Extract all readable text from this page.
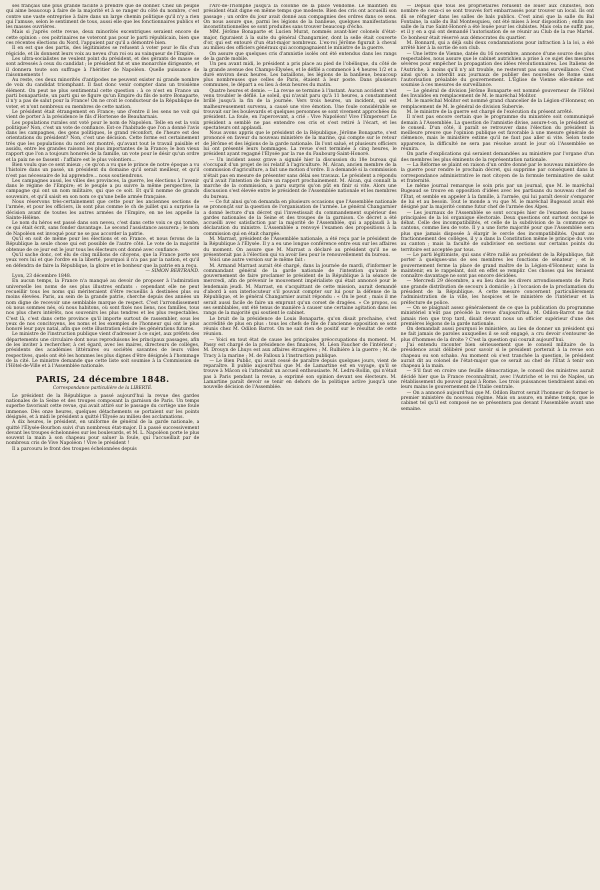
ses français une plus grande facilité à prendre que de donner. Chez un peuple qui aime beaucoup à faire de la majorité et à se ranger du côté du nombre, c'est contre une vaste entreprise à faire dans un large chemin politique qu'il n'y a rien qui l'amuse, selon le sentiment de tous, aussi elle que les fonctionnaires publics et les masses ouvrières.

Mais si j'après cette revue, deux minorités excentriques seraient encore de cette opinion : ces poitrinaires ne voteront pas pour le parti républicain, bien que ces récentes élections du Nord, l'appuient par qu'il a démontré bien.

Il en est que des partis, des légitimistes se refusent à voter pour le fils d'un régicide, et ils donnent leurs voix au neveu d'un roi ou au vainqueur de l'Empire.

Les ultra-socialistes ne veulent point du président, et des gérants de masse se sont adressés à ceux du candidat ; le président fut et une monarchie dirigeante, et il donnera toute son suffrage à l'héritier de Napoléon. Quelle puissance de raisonnements !

Au reste, ces deux minorités d'antipodes ne peuvent exister ni grande nombre de voix du candidat triomphant. Il faut donc venir compter dans un troisième élément. On peut ne plus sentimental cette question : à ce n'est en France un parti bonapartiste, un parti qui se figure qu'un Empire du fils de notre Bonaparte, il n'y a pas de salut pour la France! On ne croit le conducteur de la République de voter, et n'ont nombreux ou membres de cette nation.

Le président était étrangement en France; une d'entre il les sens ne voit qui vient de porter à la présidence le fils d'Hortense de Beauharnais.

Les populations rurales ont voté pour le nom de Napoléon. Telle en est la voix politique? Non, c'est un vote de confiance. Est-ce l'habitude que l'on a donné l'avis dans les campagnes, des gens politiques, le grand réconfort, de l'heure est des orientations du président? Non, c'est une décision. Cette forme est certainement très que les populations du nord ont montré, qu'avant tout le travail paisible et assidu, entre les grandes raisons les plus importantes de la France; le bon vieux rapport que l'on a toujours honorés de la famille, un vote pour le désir qu'un ordre et la paix ne se fassent : l'affaire est le plus volontiers...

Bien voulu que ce sent mieux ; ce qu'on a vu que le prince de notre époque a vu l'histoire dans un passé, un président du domaine qu'il serait meilleur, et qu'il n'est pas nécessaire de lui apprendre... nous soutiendrons.

Les campagnes aussi, les villes des provinces, la guerre, les élections à l'avenir dans le régime de l'Empire; et le peuple a pu suivre la même perspective, la campagne qui ont un nom militaire, qui que ce soit. Et qu'il nomme de grands souvenirs, et qu'il saisit en son nom ce qu'une belle armée française.

Nous réservons très-certainement que cette pour les anciennes sections de l'armée, et pour les officiers, ils sont plus comme le ch de juillet qui a surprise la décision avant de toutes les autres armées de l'Empire, en ne les appelle la Sainte-Hélène.

Le nom du héros est passé dans son neveu, c'est dans cette voix ce qui tombe, ce qui était écrit, sans fonder davantage. Le second l'assistance assurera ; le nom de Napoléon est invoqué pour ne se pas accorder la patrie.

Qu'il en soit de même pour les élections et en France, et nous ferons de la République la seule chose qui est possible de l'autre côté. Le vote de la majorité obtenue de ce jour est le jour tous les électeurs ont donné avec confiance.

Qu'il sache donc, cet élu de cinq millions de citoyens, que la France porte ses yeux vers lui et que l'ordre en la liberté, pourquoi il n'a pas par la nation, et qu'il en défendra de faire la République, la gloire et le bonheur que la patrie en a reçu.

— SIMON BERTRAND.

Lyon, 23 décembre 1848.

En aucun temps, la France n'a manqué au devoir de proposer à l'admiration universelle les noms de ses plus illustres enfants : cependant elle ne peut recueillir tous les noms qui mériteraient d'être recueillis à destinées plus ou moins élevées. Paris, au sein de la grande patrie, cherche depuis des années un nom digne de recevoir une semblable marque de respect. C'est l'arrondissement où nous sommes nés, où nous habitons, où sont fixés nos liens, nos familles, tous nos plus chers intérêts, nos souvenirs les plus tendres et les plus respectables. C'est là, c'est dans cette province qu'il importe surtout de rassembler, sous les yeux de nos concitoyens, les noms et les exemples de l'honneur qui ont le plus honoré leur pays natal, afin que cette illustration éclaire les générations futures.

Le ministre de l'instruction publique vient d'adresser à ce sujet, aux préfets des départements une circulaire dont nous reproduisons les principaux passages, afin de les inviter à rechercher, à cet égard, avec les maires, directeurs de collèges, présidents des académies littéraires ou sociétés savantes de leurs villes respectives, quels ont été les hommes les plus dignes d'être désignés à l'hommage de la cité. Le ministre demande que cette liste soit soumise à la Commission de l'Hôtel-de-Ville et à l'Assemblée nationale.

PARIS, 24 décembre 1848.
Correspondance particulière de la LIBERTÉ.

Le président de la République a passé aujourd'hui la revue des gardes nationales de la Seine et des troupes composant la garnison de Paris. Un temps superbe favorisait cette revue, qui avait attiré sur le passage du cortège une foule immense. Dès onze heures, quelques détachements se portaient sur les points désignés, et à midi le président a quitté l'Élysée au milieu des acclamations.

À dix heures, le président, en uniforme de général de la garde nationale, a quitté l'Élysée-Bourbon suivi d'un nombreux état-major. Il a passé successivement devant les troupes échelonnées sur les boulevards, et M. L. Napoléon porte le plus souvent la main à son chapeau pour saluer la foule, qui l'accueillait par de nombreux cris de Vive Napoléon ! Vive le président !

Il a parcouru le front des troupes échelonnées depuis

l'Arc-de-Triomphe jusqu'à la colonne de la place Vendôme. Le maintien du président était digne en même temps que modeste. Bien des cris ont accueilli son passage ; un ordre du jour avait donné aux compagnies des ordres dans ce sens. On nous assure que, parmi les légions de la banlieue, quelques manifestations inconstitutionnelles se sont produites sans trouver beaucoup d'écho.

MM. Jérôme Bonaparte et Lucien Murat, nommés avant-hier colonels d'état-major, figuraient à la suite du général Changarnier, dont la selle était couverte d'or, qui est entouré d'un état-major nombreux. L'ex-roi Jérôme figurait à cheval au milieu des officiers généraux qui accompagnaient le ministre de la guerre.

On assure que quelques cris d'amnistie isolés ont été entendus dans les rangs de la garde mobile.

Un peu avant midi, le président a pris place au pied de l'obélisque, du côté de la grande avenue des Champs-Élysées, et le défilé a commencé à 4 heures 1/2 et a duré environ deux heures. Les bataillons, les légions de la banlieue, beaucoup plus nombreuses que celles de Paris, étaient à leur poste. Dans plusieurs communes, le départ a eu lieu à deux heures du matin.

Quatre heures et demie. — La revue se termine à l'instant. Aucun accident n'est venu troubler le défilé. Le soleil, qui n'avait paru qu'à 11 heures, a constamment brillé jusqu'à la fin de la journée. Vers trois heures, un incident, qui est malheureusement survenu, a causé une vive émotion. Une foule considérable se trouvait sur les boulevards et quelques personnes se sont vivement approchées du président. La foule, en l'apercevant, a crié : Vive Napoléon! Vive l'Empereur! Le président a semblé ne pas entendre ces cris et s'est retiré à l'écart, et les spectateurs ont applaudi.

Nous avons appris que le président de la République, Jérôme Bonaparte, s'est prononcé en faveur du nouveau ministère de la marine, qui compte sur le retour de Jérôme et des légions de la garde nationale. Ils l'ont salué, et plusieurs officiers lui ont présenté leurs hommages. La revue s'est terminée à cinq heures, le président ayant regagné l'Élysée par la rue du Faubourg-Saint-Honoré.

— Un incident assez grave a signalé hier la discussion du 18e bureau qui s'occupait d'un projet de loi relatif à l'agriculture. M. Alcan, ancien membre de la commission d'agriculture, a fait une motion d'ordre. Il a demandé si la commission n'était pas en mesure de présenter sans délai ses travaux. Le président a répondu qu'il avait l'intention de faire un rapport prochainement. M. Alcan, qui connaît la marche de la commission, a paru surpris qu'on pût en finir si vite. Alors une discussion s'est élevée entre le président de l'Assemblée nationale et les membres du bureau.

— Ce fut ainsi qu'on demanda en plusieurs occasions que l'Assemblée nationale se prononçât sur la question de l'organisation de l'armée. Le général Changarnier a donné lecture d'un décret qui l'investissait du commandement supérieur des gardes nationales de la Seine et des troupes de la garnison. Ce décret a été accueilli avec satisfaction par la majorité de l'Assemblée, qui a applaudi à la déclaration du ministre. L'Assemblée a renvoyé l'examen des propositions à la commission qui en était chargée.

M. Marrast, président de l'Assemblée nationale, a été reçu par le président de la République à l'Élysée. Il y a eu une longue conférence entre eux sur les affaires du moment. On assure que M. Marrast a déclaré au président qu'il ne se présenterait pas à l'élection qui va avoir lieu pour le renouvellement du bureau.

Voici une autre version sur le même fait :

M. Armand Marrast aurait été chargé, dans la journée de mardi, d'informer le commandant général de la garde nationale de l'intention qu'avait le gouvernement de faire proclamer le président de la République à la séance de mercredi, afin de prévenir le mouvement impérialiste qui était annoncé pour le lendemain jeudi. M. Marrast, en s'acquittant de cette mission, aurait demandé d'abord à son interlocuteur s'il pouvait compter sur lui pour la défense de la République, et le général Changarnier aurait répondu : « On le peut ; mais il me serait aussi facile de faire un emprunt qu'un corset de dragées. » Ce propos, ou ses semblables, ont été tenus de manière à causer une certaine agitation dans les rangs de la majorité qui soutient le cabinet.

Le bruit de la présidence de Louis Bonaparte, qu'on disait prochaine, s'est accrédité de plus en plus : tous les chefs de file de l'ancienne opposition se sont réunis chez M. Odilon Barrot. On ne sait rien de positif sur le résultat de cette réunion.

— Voici en tout état de cause les principales préoccupations du moment. M. Passy est chargé de la présidence des finances, M. Léon Faucher de l'intérieur ; M. Drouyn de Lhuys est aux affaires étrangères ; M. Rulhière à la guerre ; M. de Tracy à la marine ; M. de Falloux à l'instruction publique.

— Le Bien Public, qui avait cessé de paraître depuis quelques jours, vient de reparaître. Il publie aujourd'hui que M. de Lamartine est en voyage, qu'il se trouve à Mâcon où l'attendait un accueil enthousiaste. M. Ledru-Rollin, qui n'était pas à Paris pendant la revue, a exprimé son opinion devant ses électeurs. M. Lamartine paraît devoir se tenir en dehors de la politique active jusqu'à une nouvelle décision de l'Assemblée.

— Depuis que tous les propriétaires refusent de louer aux clubistes, bon nombre de ceux-ci se sont trouvés fort embarrassés pour trouver un local. Ils ont dû se réfugier dans les salles de bals publics. C'est ainsi que la salle du Bal Fontaine, la salle du Bal Montesquieu, ont été mises à leur disposition ; enfin une salle de la rue Saint-Honoré a été louée pour les clubistes. Mais cela ne suffit pas, et il y en a qui ont demandé l'autorisation de se réunir au Club de la rue Martel. Ce bonheur était réservé aux démocrates du quartier.

M. Bonnard, qui a déjà subi deux condamnations pour infraction à la loi, a été arrêté hier à la sortie de son club.

— Une lettre de Vienne, datée du 16 novembre, annonce d'une source des plus respectables, nous assure que le cabinet autrichien a prise à ce sujet des mesures sévères pour empêcher la propagation des idées révolutionnaires. Les Italiens de l'Autriche, à moins qu'il n'y ait trouble, ne resteront pas sans surveillance. C'est ainsi qu'on a interdit aux journaux de publier des nouvelles de Rome sans l'autorisation préalable du gouvernement. L'Église de Vienne elle-même est soumise à ces mesures de surveillance.

— Le général de division Jérôme Bonaparte est nommé gouverneur de l'Hôtel des Invalides en remplacement de M. le maréchal Molitor.

M. le maréchal Molitor est nommé grand chancelier de la Légion-d'Honneur, en remplacement de M. le général de division Subervie.

M. le ministre de la guerre est chargé de l'exécution du présent arrêté.

Il n'est pas encore certain que le programme du ministère soit communiqué demain à l'Assemblée. La question de l'amnistie divise, assure-t-on, le président et le conseil. D'un côté, il paraît se retrouver dans l'élection du président la meilleure preuve que l'opinion publique est favorable à une mesure générale de clémence, mais le ministère estime qu'il ne faut pas aller si vite. Selon toute apparence, la difficulté ne sera pas résolue avant le jour où l'Assemblée se réunira.

On parle d'explications qui seraient demandées au ministère par l'organe d'un des membres les plus éminents de la représentation nationale.

— La Réforme se plaint en raison d'un ordre donné par le nouveau ministère de la guerre pour rendre le prochain décret, qui supprime par conséquent dans la correspondance administrative le mot citoyen de la formule terminative de salut et fraternité.

Le même journal remarque le soin pris par un journal, que M. le maréchal Bugeaud se trouve en opposition d'idées avec les partisans du nouveau chef de l'État, et semble en appeler à la famille, à l'armée, qui lui paraît devoir s'emparer de lui et au besoin. Tout le monde a vu que M. le maréchal Bugeaud avait été désigné par la majorité comme futur chef de l'armée des Alpes.

— Les journaux de l'Assemblée se sont occupés hier de l'examen des bases principales de la loi organique électorale. Deux questions ont surtout occupé le débat. Celle des incompatibilités, et celle de la subdivision de la commune en cantons, comme lieu de vote. Il y a une forte majorité pour que l'Assemblée sera plus que jamais disposée à élargir le cercle des incompatibilités. Quant au fractionnement des collèges, il y a dans la Constitution même le principe du vote au canton ; mais la faculté de subdiviser en sections sur certains points du territoire est acceptée par tous.

— Le parti légitimiste, qui sans s'être rallié au président de la République, fait porter à quelques-uns de ses membres les fonctions de sénateur ; et le gouvernement ferme la place de grand maître de la Légion-d'Honneur, sans la maintenir, en le rappelant, doit en effet se remplir. Ces choses qui les feraient connaître davantage ne sont pas encore décidées.

— Mercredi 29 décembre, a eu lieu dans les divers arrondissements de Paris une grande distribution de secours à domicile ; à l'occasion de la proclamation du président de la République. À cette mesure concernent particulièrement l'administration de la ville, les hospices et le ministère de l'intérieur et la préfecture de police.

— On se plaignait assez généralement de ce que la publication du programme ministériel n'eût pas précédé la revue d'aujourd'hui. M. Odilon-Barrot ne fait jamais rien que trop tard, disait devant nous un officier supérieur d'une des premières légions de la garde nationale.

On demandait aussi pourquoi le ministère, au lieu de donner un président qui ne fait jamais de paroles auxquelles il se soit engagé, a cru devoir s'entourer de plus d'hommes de la droite ? C'est la question qui courait aujourd'hui.

J'ai entendu raconter bien sérieusement que le conseil militaire de la présidence avait délibéré pour savoir si le président porterait à la revue son chapeau ou son schako. Au moment où s'est tranchée la question, le président aurait dit au colonel de l'état-major que ce serait au chef de l'État à tenir son chapeau à la main.

— S'il faut en croire une feuille démocratique, le conseil des ministres aurait décidé hier que la France reconnaîtrait, avec l'Autriche et le roi de Naples, un rétablissement du pouvoir papal à Rome. Les trois puissances tiendraient ainsi en leurs mains le gouvernement de l'Italie centrale.

— On a annoncé aujourd'hui que M. Odilon Barrot serait l'honneur de former le premier ministère du nouveau régime. Mais on assure, en même temps, que le cabinet tel qu'il est composé ne se présentera pas devant l'Assemblée avant une semaine.
